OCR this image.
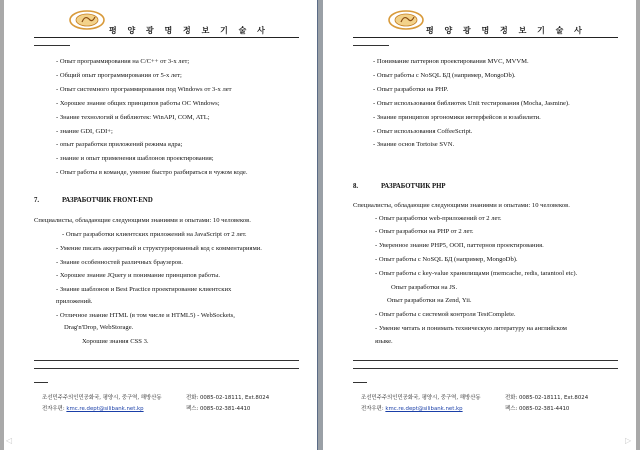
평 양 광 명 정 보 기 술 사
- Опыт программирования на C/C++ от 3-х лет;
- Общий опыт программирования от 5-х лет;
- Опыт системного программирования под Windows от 3-х лет
- Хорошее знание общих принципов работы ОС Windows;
- Знание технологий и библиотек: WinAPI, COM, ATL;
- знание GDI, GDI+;
- опыт разработки приложений режима ядра;
- знание и опыт применения шаблонов проектирования;
- Опыт работы в команде, умение быстро разбираться в чужом коде.
7.	РАЗРАБОТЧИК FRONT-END
Специалисты, обладающие следующими знаниями и опытами: 10 человеков.
- Опыт разработки клиентских приложений на JavaScript от 2 лет.
- Умение писать аккуратный и структурированный код с комментариями.
- Знание особенностей различных браузеров.
- Хорошее знание JQuery и понимание принципов работы.
- Знание шаблонов и Best Practice проектирование клиентских
приложений.
- Отличное знание HTML (в том числе и HTML5) - WebSockets,
Drag'n'Drop, WebStorage.
Хорошие знания CSS 3.
조선민주주의인민공화국, 평양시, 중구역, 해방산동	전화: 0085-02-18111, Ext.8024
전자우편: kmc.re.dept@silibank.net.kp	팩스: 0085-02-381-4410
◁
평 양 광 명 정 보 기 술 사
- Понимание паттернов проектирования MVC, MVVM.
- Опыт работы с NoSQL БД (например, MongoDb).
- Опыт разработки на PHP.
- Опыт использования библиотек Unit тестирования (Mocha, Jasmine).
- Знание принципов эргономики интерфейсов и юзабилити.
- Опыт использования CoffeeScript.
- Знание основ Tortoise SVN.
8.	РАЗРАБОТЧИК PHP
Специалисты, обладающие следующими знаниями и опытами: 10 человеков.
- Опыт разработки web-приложений от 2 лет.
- Опыт разработки на PHP от 2 лет.
- Уверенное знание PHP5, ООП, паттернов проектирования.
- Опыт работы с NoSQL БД (например, MongoDb).
- Опыт работы с key-value хранилищами (memcache, redis, tarantool etc).
Опыт разработки на JS.
Опыт разработки на Zend, Yii.
- Опыт работы с системой контроля TestComplete.
- Умение читать и понимать техническую литературу на английском
языке.
조선민주주의인민공화국, 평양시, 중구역, 해방산동	전화: 0085-02-18111, Ext.8024
전자우편: kmc.re.dept@silibank.net.kp	팩스: 0085-02-381-4410
▷
